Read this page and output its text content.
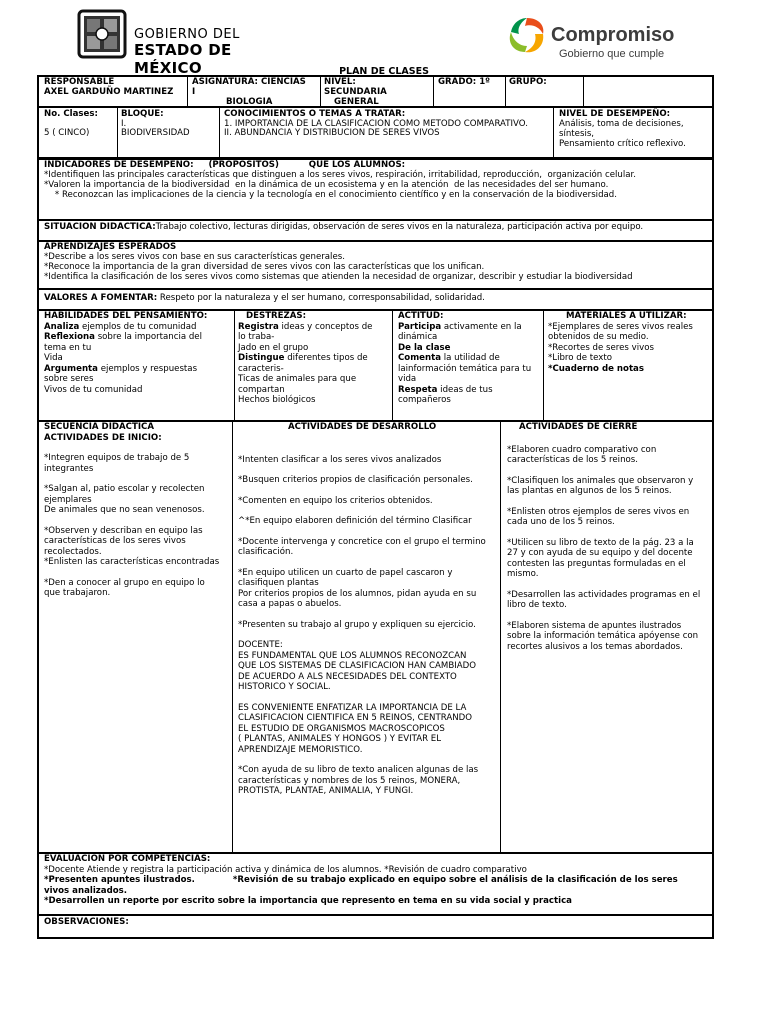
GOBIERNO DEL
ESTADO DE MÉXICO
Compromiso
Gobierno que cumple
PLAN DE CLASES
RESPONSABLE
AXEL GARDUÑO MARTINEZ
ASIGNATURA: CIENCIAS
I
BIOLOGIA
NIVEL:
SECUNDARIA
GENERAL
GRADO: 1º GRUPO:
No. Clases:
5 ( CINCO)
BLOQUE:
I.
BIODIVERSIDAD
CONOCIMIENTOS O TEMAS A TRATAR:
1. IMPORTANCIA DE LA CLASIFICACION COMO METODO COMPARATIVO.
II. ABUNDANCIA Y DISTRIBUCION DE SERES VIVOS
NIVEL DE DESEMPEÑO:
Análisis, toma de decisiones,
síntesis,
Pensamiento crítico reflexivo.
INDICADORES DE DESEMPEÑO:     (PROPÓSITOS)          QUE LOS ALUMNOS:
*Identifiquen las principales características que distinguen a los seres vivos, respiración, irritabilidad, reproducción,  organización celular.
*Valoren la importancia de la biodiversidad  en la dinámica de un ecosistema y en la atención  de las necesidades del ser humano.
* Reconozcan las implicaciones de la ciencia y la tecnología en el conocimiento científico y en la conservación de la biodiversidad.
SITUACION DIDACTICA:Trabajo colectivo, lecturas dirigidas, observación de seres vivos en la naturaleza, participación activa por equipo.
APRENDIZAJES ESPERADOS
*Describe a los seres vivos con base en sus características generales.
*Reconoce la importancia de la gran diversidad de seres vivos con las características que los unifican.
*Identifica la clasificación de los seres vivos como sistemas que atienden la necesidad de organizar, describir y estudiar la biodiversidad
VALORES A FOMENTAR: Respeto por la naturaleza y el ser humano, corresponsabilidad, solidaridad.

HABILIDADES DEL PENSAMIENTO:

Analiza ejemplos de tu comunidad

Reflexiona sobre la importancia del

tema en tu

Vida

Argumenta ejemplos y respuestas

sobre seres

Vivos de tu comunidad

DESTREZAS:

Registra ideas y conceptos de

lo traba-

Jado en el grupo

Distingue diferentes tipos de

caracteris-

Ticas de animales para que

compartan

Hechos biológicos

ACTITUD:

Participa activamente en la

dinámica

De la clase

Comenta la utilidad de

lainformación temática para tu

vida

Respeta ideas de tus

compañeros

MATERIALES A UTILIZAR:

*Ejemplares de seres vivos reales

obtenidos de su medio.

*Recortes de seres vivos

*Libro de texto

*Cuaderno de notas

SECUENCIA DIDACTICA

ACTIVIDADES DE INICIO:

*Integren equipos de trabajo de 5
integrantes

*Salgan al, patio escolar y recolecten
ejemplares
De animales que no sean venenosos.

*Observen y describan en equipo las
características de los seres vivos
recolectados.
*Enlisten las características encontradas

*Den a conocer al grupo en equipo lo
que trabajaron.

ACTIVIDADES DE DESARROLLO

*Intenten clasificar a los seres vivos analizados

*Busquen criterios propios de clasificación personales.

*Comenten en equipo los criterios obtenidos.

^*En equipo elaboren definición del término Clasificar

*Docente intervenga y concretice con el grupo el termino
clasificación.

*En equipo utilicen un cuarto de papel cascaron y
clasifiquen plantas
Por criterios propios de los alumnos, pidan ayuda en su
casa a papas o abuelos.

*Presenten su trabajo al grupo y expliquen su ejercicio.

DOCENTE:
ES FUNDAMENTAL QUE LOS ALUMNOS RECONOZCAN
QUE LOS SISTEMAS DE CLASIFICACION HAN CAMBIADO
DE ACUERDO A ALS NECESIDADES DEL CONTEXTO
HISTORICO Y SOCIAL.

ES CONVENIENTE ENFATIZAR LA IMPORTANCIA DE LA
CLASIFICACION CIENTIFICA EN 5 REINOS, CENTRANDO
EL ESTUDIO DE ORGANISMOS MACROSCOPICOS
( PLANTAS, ANIMALES Y HONGOS ) Y EVITAR EL
APRENDIZAJE MEMORISTICO.

*Con ayuda de su libro de texto analicen algunas de las
características y nombres de los 5 reinos, MONERA,
PROTISTA, PLANTAE, ANIMALIA, Y FUNGI.

ACTIVIDADES DE CIERRE

*Elaboren cuadro comparativo con
características de los 5 reinos.

*Clasifiquen los animales que observaron y
las plantas en algunos de los 5 reinos.

*Enlisten otros ejemplos de seres vivos en
cada uno de los 5 reinos.

*Utilicen su libro de texto de la pág. 23 a la
27 y con ayuda de su equipo y del docente
contesten las preguntas formuladas en el
mismo.

*Desarrollen las actividades programas en el
libro de texto.

*Elaboren sistema de apuntes ilustrados
sobre la información temática apóyense con
recortes alusivos a los temas abordados.

EVALUACION POR COMPETENCIAS:

*Docente Atiende y registra la participación activa y dinámica de los alumnos. *Revisión de cuadro comparativo

*Presenten apuntes ilustrados.	*Revisión de su trabajo explicado en equipo sobre el análisis de la clasificación de los seres

vivos analizados.

*Desarrollen un reporte por escrito sobre la importancia que represento en tema en su vida social y practica

OBSERVACIONES:
